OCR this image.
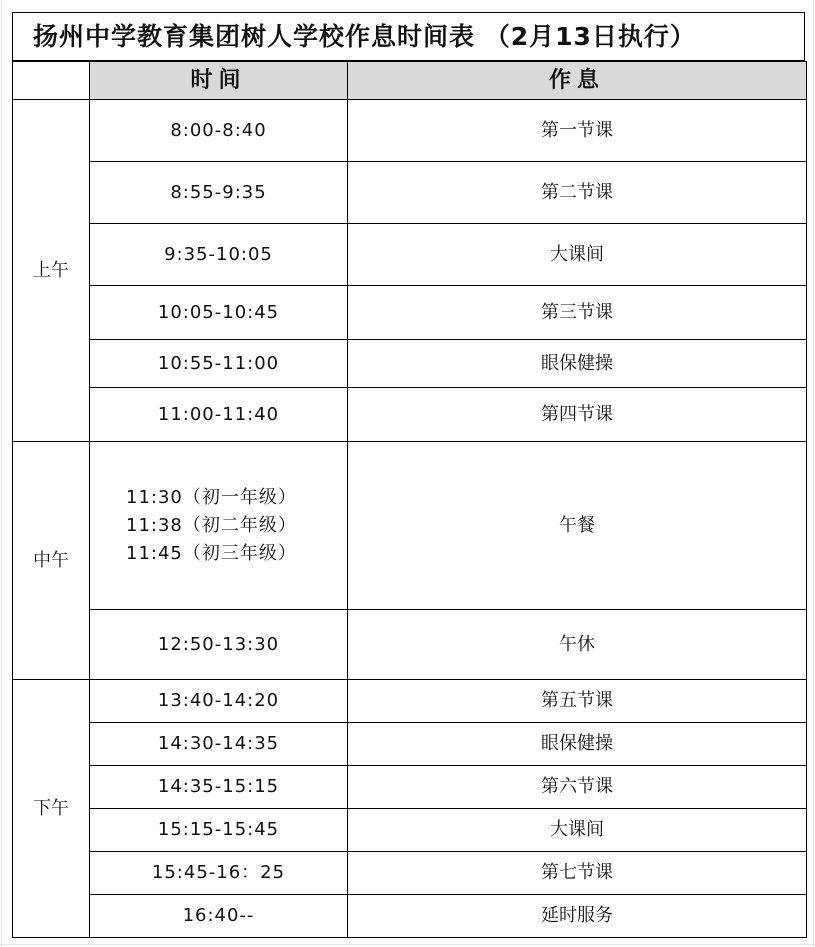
扬州中学教育集团树人学校作息时间表 （2月13日执行）
	时间	作息
上午	8:00-8:40	第一节课
	8:55-9:35	第二节课
	9:35-10:05	大课间
	10:05-10:45	第三节课
	10:55-11:00	眼保健操
	11:00-11:40	第四节课
中午	11:30（初一年级）
11:38（初二年级）
11:45（初三年级）	午餐
	12:50-13:30	午休
下午	13:40-14:20	第五节课
	14:30-14:35	眼保健操
	14:35-15:15	第六节课
	15:15-15:45	大课间
	15:45-16：25	第七节课
	16:40--	延时服务
